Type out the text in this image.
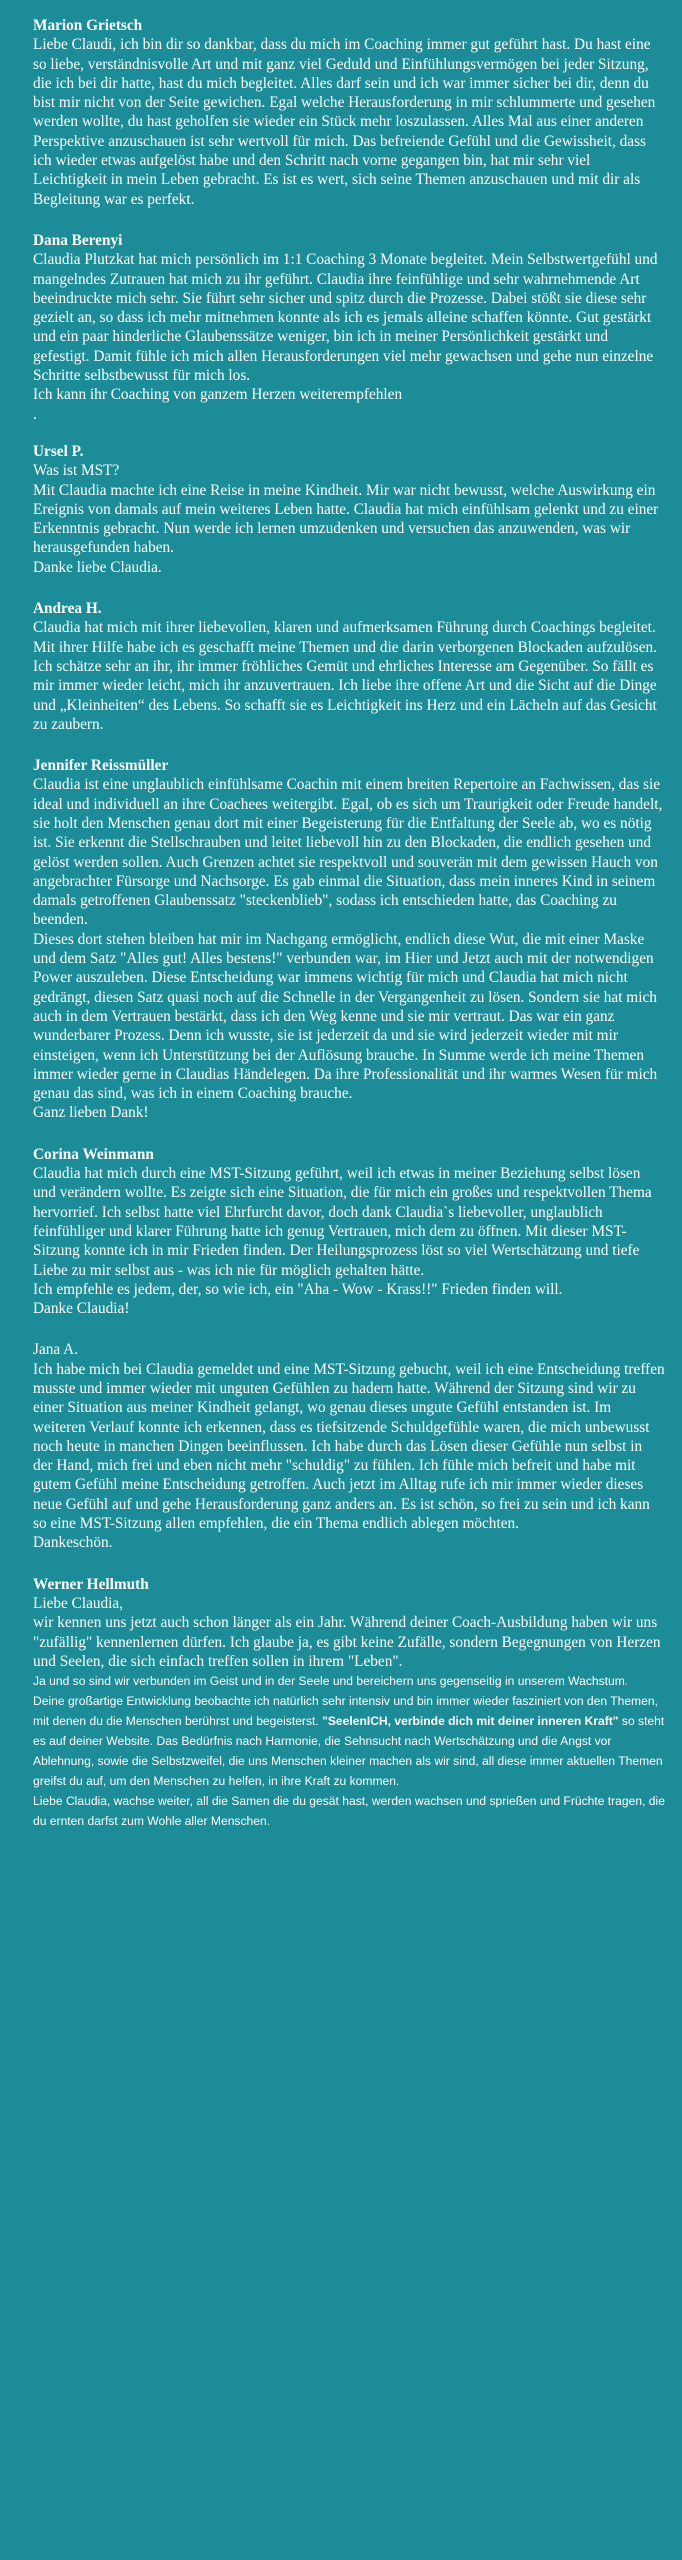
Marion Grietsch
Liebe Claudi, ich bin dir so dankbar, dass du mich im Coaching immer gut geführt hast. Du hast eine so liebe, verständnisvolle Art und mit ganz viel Geduld und Einfühlungsvermögen bei jeder Sitzung, die ich bei dir hatte, hast du mich begleitet. Alles darf sein und ich war immer sicher bei dir, denn du bist mir nicht von der Seite gewichen. Egal welche Herausforderung in mir schlummerte und gesehen werden wollte, du hast geholfen sie wieder ein Stück mehr loszulassen. Alles Mal aus einer anderen Perspektive anzuschauen ist sehr wertvoll für mich. Das befreiende Gefühl und die Gewissheit, dass ich wieder etwas aufgelöst habe und den Schritt nach vorne gegangen bin, hat mir sehr viel Leichtigkeit in mein Leben gebracht. Es ist es wert, sich seine Themen anzuschauen und mit dir als Begleitung war es perfekt.
Dana Berenyi
Claudia Plutzkat hat mich persönlich im 1:1 Coaching 3 Monate begleitet. Mein Selbstwertgefühl und mangelndes Zutrauen hat mich zu ihr geführt. Claudia ihre feinfühlige und sehr wahrnehmende Art beeindruckte mich sehr. Sie führt sehr sicher und spitz durch die Prozesse. Dabei stößt sie diese sehr gezielt an, so dass ich mehr mitnehmen konnte als ich es jemals alleine schaffen könnte. Gut gestärkt und ein paar hinderliche Glaubenssätze weniger, bin ich in meiner Persönlichkeit gestärkt und gefestigt. Damit fühle ich mich allen Herausforderungen viel mehr gewachsen und gehe nun einzelne Schritte selbstbewusst für mich los.
Ich kann ihr Coaching von ganzem Herzen weiterempfehlen
.
Ursel P.
Was ist MST?
Mit Claudia machte ich eine Reise in meine Kindheit. Mir war nicht bewusst, welche Auswirkung ein Ereignis von damals auf mein weiteres Leben hatte. Claudia hat mich einfühlsam gelenkt und zu einer Erkenntnis gebracht. Nun werde ich lernen umzudenken und versuchen das anzuwenden, was wir herausgefunden haben.
Danke liebe Claudia.
Andrea H.
Claudia hat mich mit ihrer liebevollen, klaren und aufmerksamen Führung durch Coachings begleitet. Mit ihrer Hilfe habe ich es geschafft meine Themen und die darin verborgenen Blockaden aufzulösen. Ich schätze sehr an ihr, ihr immer fröhliches Gemüt und ehrliches Interesse am Gegenüber. So fällt es mir immer wieder leicht, mich ihr anzuvertrauen. Ich liebe ihre offene Art und die Sicht auf die Dinge und „Kleinheiten“ des Lebens. So schafft sie es Leichtigkeit ins Herz und ein Lächeln auf das Gesicht zu zaubern.
Jennifer Reissmüller
Claudia ist eine unglaublich einfühlsame Coachin mit einem breiten Repertoire an Fachwissen, das sie ideal und individuell an ihre Coachees weitergibt. Egal, ob es sich um Traurigkeit oder Freude handelt, sie holt den Menschen genau dort mit einer Begeisterung für die Entfaltung der Seele ab, wo es nötig ist. Sie erkennt die Stellschrauben und leitet liebevoll hin zu den Blockaden, die endlich gesehen und gelöst werden sollen. Auch Grenzen achtet sie respektvoll und souverän mit dem gewissen Hauch von angebrachter Fürsorge und Nachsorge. Es gab einmal die Situation, dass mein inneres Kind in seinem damals getroffenen Glaubenssatz "steckenblieb", sodass ich entschieden hatte, das Coaching zu beenden.
Dieses dort stehen bleiben hat mir im Nachgang ermöglicht, endlich diese Wut, die mit einer Maske und dem Satz "Alles gut! Alles bestens!" verbunden war, im Hier und Jetzt auch mit der notwendigen Power auszuleben. Diese Entscheidung war immens wichtig für mich und Claudia hat mich nicht gedrängt, diesen Satz quasi noch auf die Schnelle in der Vergangenheit zu lösen. Sondern sie hat mich auch in dem Vertrauen bestärkt, dass ich den Weg kenne und sie mir vertraut. Das war ein ganz wunderbarer Prozess. Denn ich wusste, sie ist jederzeit da und sie wird jederzeit wieder mit mir einsteigen, wenn ich Unterstützung bei der Auflösung brauche. In Summe werde ich meine Themen immer wieder gerne in Claudias Händelegen. Da ihre Professionalität und ihr warmes Wesen für mich genau das sind, was ich in einem Coaching brauche.
Ganz lieben Dank!
Corina Weinmann
Claudia hat mich durch eine MST-Sitzung geführt, weil ich etwas in meiner Beziehung selbst lösen und verändern wollte. Es zeigte sich eine Situation, die für mich ein großes und respektvollen Thema hervorrief. Ich selbst hatte viel Ehrfurcht davor, doch dank Claudia`s liebevoller, unglaublich feinfühliger und klarer Führung hatte ich genug Vertrauen, mich dem zu öffnen. Mit dieser MST-Sitzung konnte ich in mir Frieden finden. Der Heilungsprozess löst so viel Wertschätzung und tiefe Liebe zu mir selbst aus - was ich nie für möglich gehalten hätte.
Ich empfehle es jedem, der, so wie ich, ein "Aha - Wow - Krass!!" Frieden finden will.
Danke Claudia!
Jana A.
Ich habe mich bei Claudia gemeldet und eine MST-Sitzung gebucht, weil ich eine Entscheidung treffen musste und immer wieder mit unguten Gefühlen zu hadern hatte. Während der Sitzung sind wir zu einer Situation aus meiner Kindheit gelangt, wo genau dieses ungute Gefühl entstanden ist. Im weiteren Verlauf konnte ich erkennen, dass es tiefsitzende Schuldgefühle waren, die mich unbewusst noch heute in manchen Dingen beeinflussen. Ich habe durch das Lösen dieser Gefühle nun selbst in der Hand, mich frei und eben nicht mehr "schuldig" zu fühlen. Ich fühle mich befreit und habe mit gutem Gefühl meine Entscheidung getroffen. Auch jetzt im Alltag rufe ich mir immer wieder dieses neue Gefühl auf und gehe Herausforderung ganz anders an. Es ist schön, so frei zu sein und ich kann so eine MST-Sitzung allen empfehlen, die ein Thema endlich ablegen möchten.
Dankeschön.
Werner Hellmuth
Liebe Claudia,
wir kennen uns jetzt auch schon länger als ein Jahr. Während deiner Coach-Ausbildung haben wir uns "zufällig" kennenlernen dürfen. Ich glaube ja, es gibt keine Zufälle, sondern Begegnungen von Herzen und Seelen, die sich einfach treffen sollen in ihrem "Leben".
Ja und so sind wir verbunden im Geist und in der Seele und bereichern uns gegenseitig in unserem Wachstum.
Deine großartige Entwicklung beobachte ich natürlich sehr intensiv und bin immer wieder fasziniert von den Themen, mit denen du die Menschen berührst und begeisterst. "SeelenICH, verbinde dich mit deiner inneren Kraft" so steht es auf deiner Website. Das Bedürfnis nach Harmonie, die Sehnsucht nach Wertschätzung und die Angst vor Ablehnung, sowie die Selbstzweifel, die uns Menschen kleiner machen als wir sind, all diese immer aktuellen Themen greifst du auf, um den Menschen zu helfen, in ihre Kraft zu kommen.
Liebe Claudia, wachse weiter, all die Samen die du gesät hast, werden wachsen und sprießen und Früchte tragen, die du ernten darfst zum Wohle aller Menschen.
